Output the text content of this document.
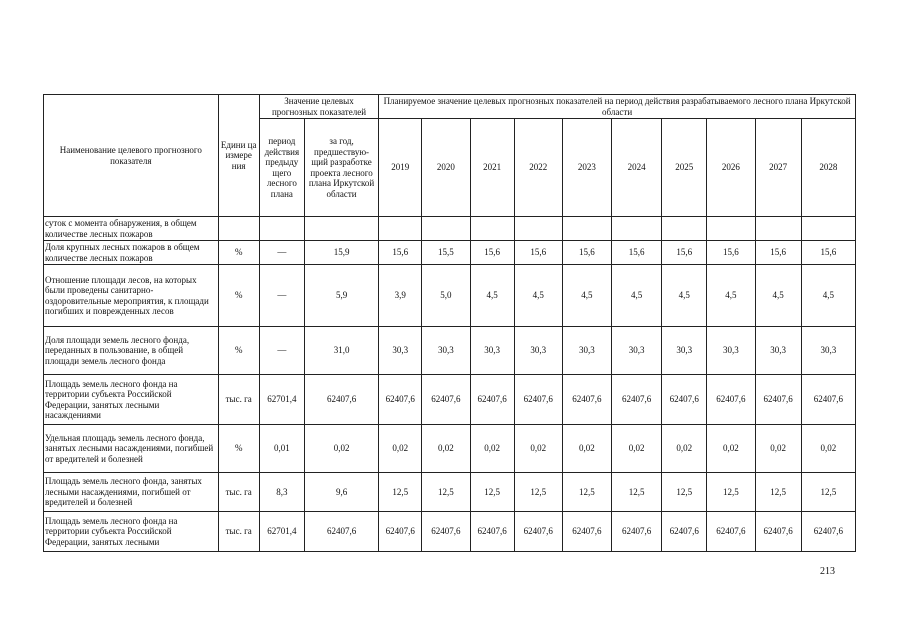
Наименование целевого прогнозного показателя	Едини ца измере ния	Значение целевых прогнозных показателей		Планируемое значение целевых прогнозных показателей на период действия разрабатываемого лесного плана Иркутской области									
		период действия предыду щего лесного плана	за год, предшествую- щий разработке проекта лесного плана Иркутской области	2019	2020	2021	2022	2023	2024	2025	2026	2027	2028
суток с момента обнаружения, в общем количестве лесных пожаров													
Доля крупных лесных пожаров в общем количестве лесных пожаров	%	—	15,9	15,6	15,5	15,6	15,6	15,6	15,6	15,6	15,6	15,6	15,6
Отношение площади лесов, на которых были проведены санитарно-оздоровительные мероприятия, к площади погибших и поврежденных лесов	%	—	5,9	3,9	5,0	4,5	4,5	4,5	4,5	4,5	4,5	4,5	4,5
Доля площади земель лесного фонда, переданных в пользование, в общей площади земель лесного фонда	%	—	31,0	30,3	30,3	30,3	30,3	30,3	30,3	30,3	30,3	30,3	30,3
Площадь земель лесного фонда на территории субъекта Российской Федерации, занятых лесными насаждениями	тыс. га	62701,4	62407,6	62407,6	62407,6	62407,6	62407,6	62407,6	62407,6	62407,6	62407,6	62407,6	62407,6
Удельная площадь земель лесного фонда, занятых лесными насаждениями, погибшей от вредителей и болезней	%	0,01	0,02	0,02	0,02	0,02	0,02	0,02	0,02	0,02	0,02	0,02	0,02
Площадь земель лесного фонда, занятых лесными насаждениями, погибшей от вредителей и болезней	тыс. га	8,3	9,6	12,5	12,5	12,5	12,5	12,5	12,5	12,5	12,5	12,5	12,5
Площадь земель лесного фонда на территории субъекта Российской Федерации, занятых лесными	тыс. га	62701,4	62407,6	62407,6	62407,6	62407,6	62407,6	62407,6	62407,6	62407,6	62407,6	62407,6	62407,6
213
